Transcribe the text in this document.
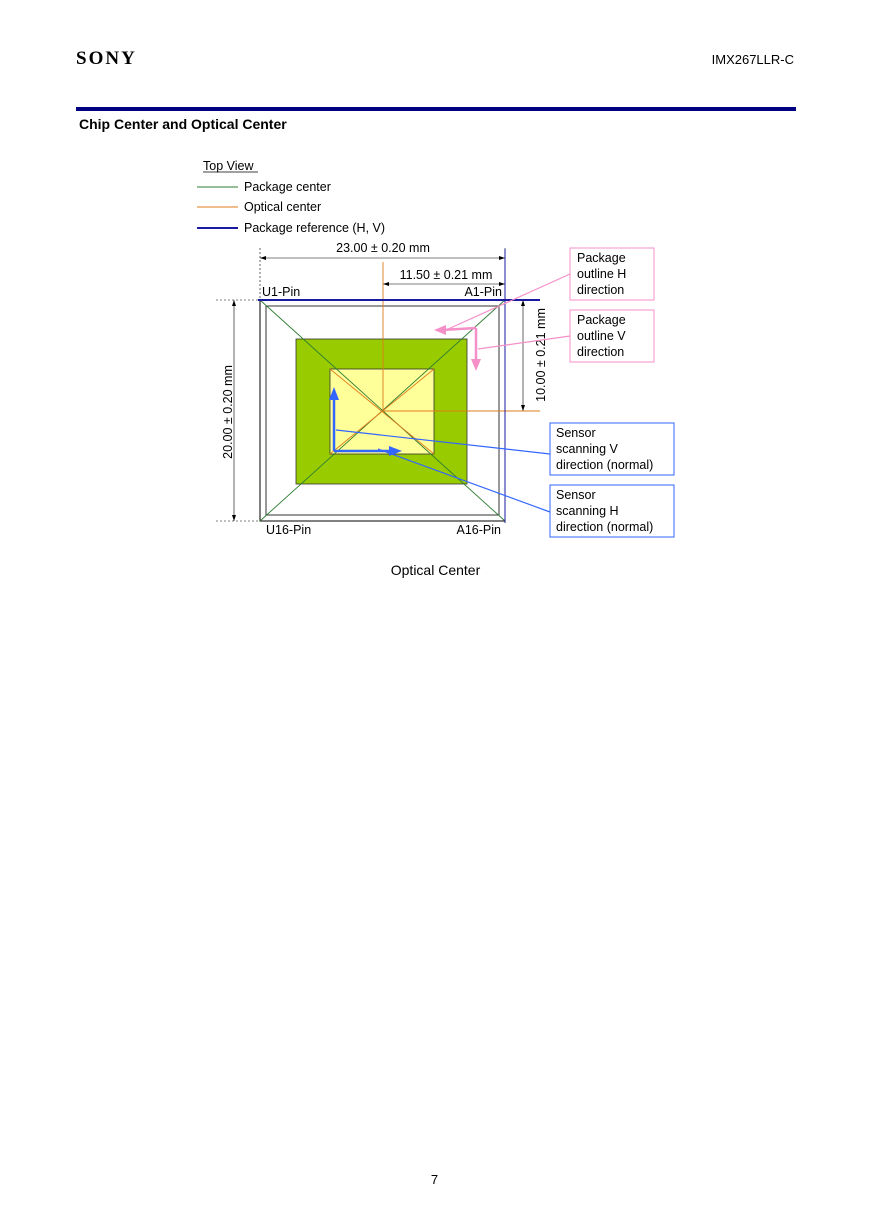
SONY	IMX267LLR-C
Chip Center and Optical Center
Top View
Package center
Optical center
Package reference (H, V)
23.00 ± 0.20 mm
11.50 ± 0.21 mm
20.00 ± 0.20 mm
10.00 ± 0.21 mm
U1-Pin	A1-Pin
U16-Pin	A16-Pin
Package
outline H
direction
Package
outline V
direction
Sensor
scanning V
direction (normal)
Sensor
scanning H
direction (normal)
Optical Center
7
